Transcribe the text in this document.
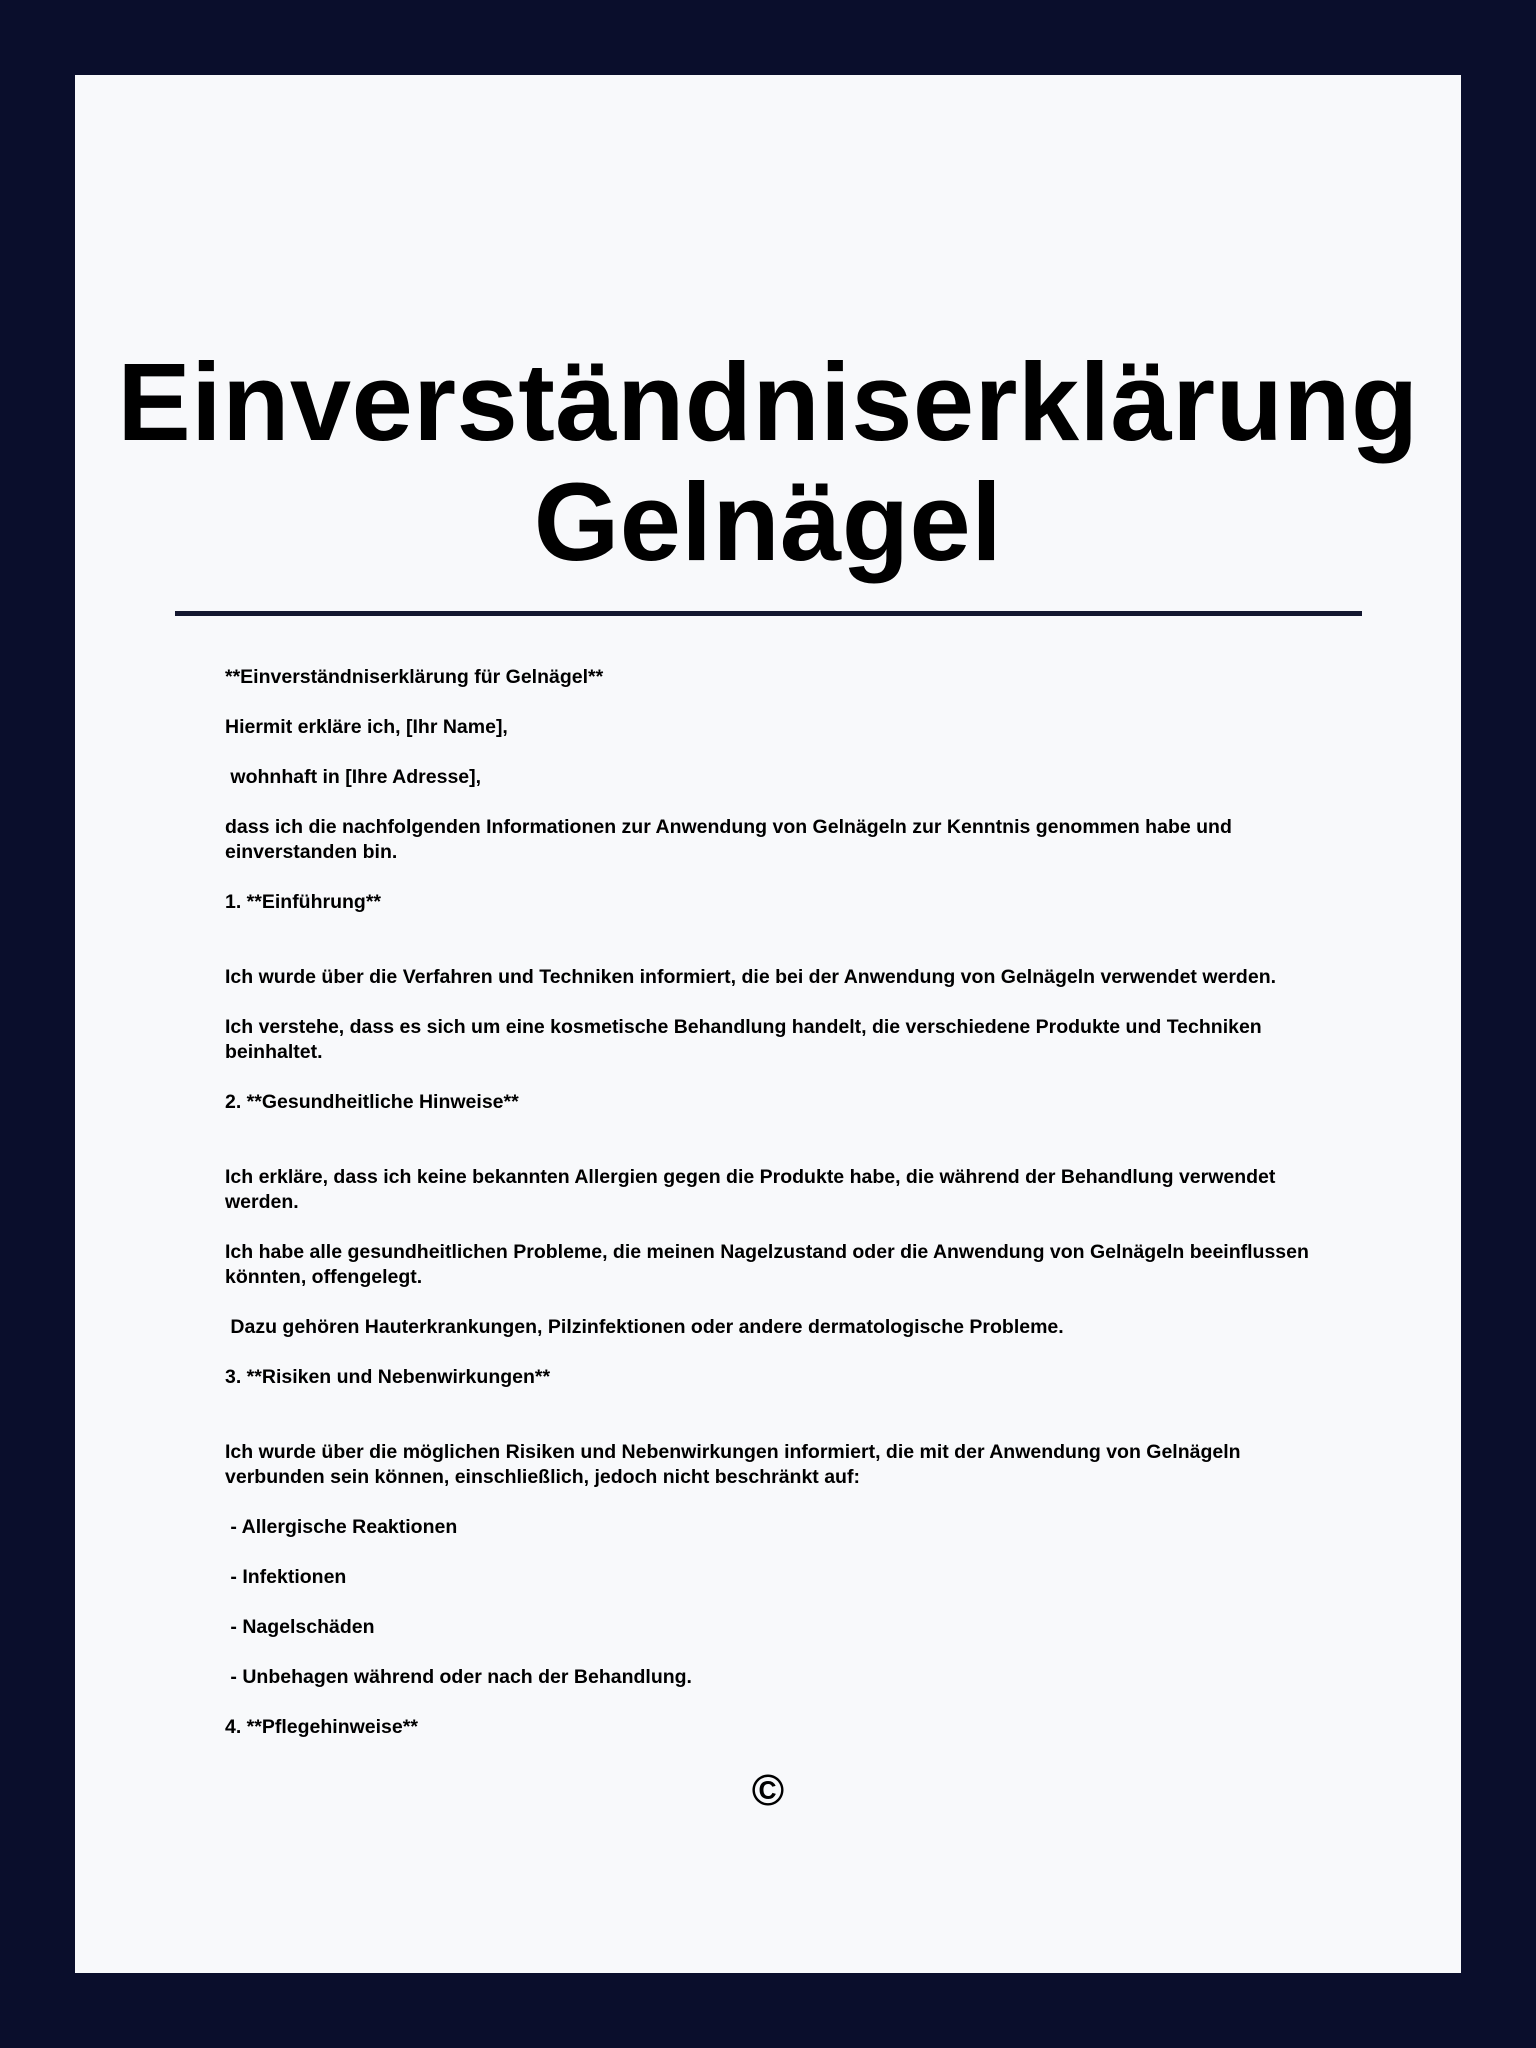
Einverständniserklärung
Gelnägel

**Einverständniserklärung für Gelnägel**

Hiermit erkläre ich, [Ihr Name],

wohnhaft in [Ihre Adresse],

dass ich die nachfolgenden Informationen zur Anwendung von Gelnägeln zur Kenntnis genommen habe und
einverstanden bin.

1. **Einführung**

Ich wurde über die Verfahren und Techniken informiert, die bei der Anwendung von Gelnägeln verwendet werden.

Ich verstehe, dass es sich um eine kosmetische Behandlung handelt, die verschiedene Produkte und Techniken
beinhaltet.

2. **Gesundheitliche Hinweise**

Ich erkläre, dass ich keine bekannten Allergien gegen die Produkte habe, die während der Behandlung verwendet
werden.

Ich habe alle gesundheitlichen Probleme, die meinen Nagelzustand oder die Anwendung von Gelnägeln beeinflussen
könnten, offengelegt.

Dazu gehören Hauterkrankungen, Pilzinfektionen oder andere dermatologische Probleme.

3. **Risiken und Nebenwirkungen**

Ich wurde über die möglichen Risiken und Nebenwirkungen informiert, die mit der Anwendung von Gelnägeln
verbunden sein können, einschließlich, jedoch nicht beschränkt auf:

- Allergische Reaktionen

- Infektionen

- Nagelschäden

- Unbehagen während oder nach der Behandlung.

4. **Pflegehinweise**

©
